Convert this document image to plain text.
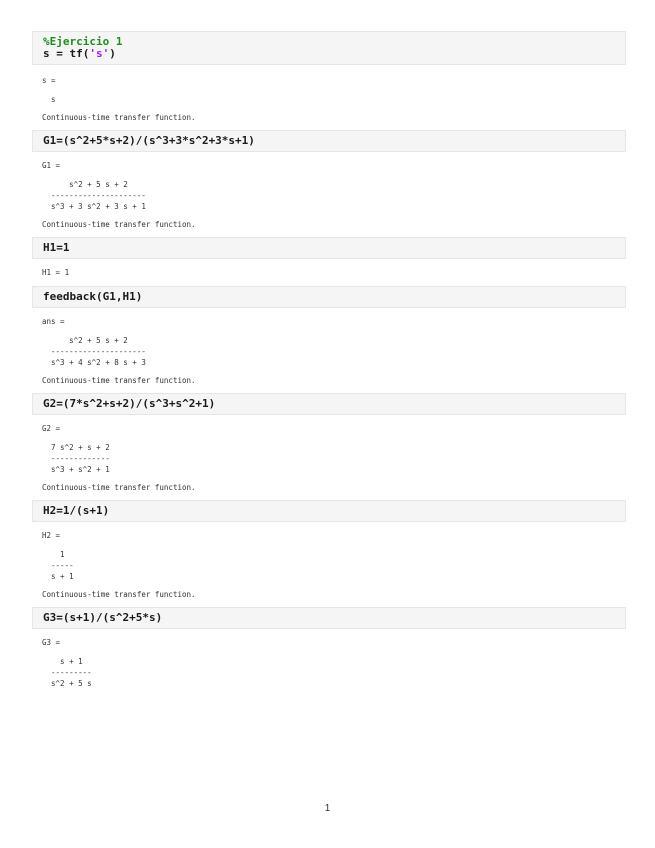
%Ejercicio 1
s = tf('s')
s =
s
Continuous-time transfer function.
G1=(s^2+5*s+2)/(s^3+3*s^2+3*s+1)
G1 =
s^2 + 5 s + 2
---------------------
s^3 + 3 s^2 + 3 s + 1
Continuous-time transfer function.
H1=1
H1 = 1
feedback(G1,H1)
ans =
s^2 + 5 s + 2
---------------------
s^3 + 4 s^2 + 8 s + 3
Continuous-time transfer function.
G2=(7*s^2+s+2)/(s^3+s^2+1)
G2 =
7 s^2 + s + 2
-------------
s^3 + s^2 + 1
Continuous-time transfer function.
H2=1/(s+1)
H2 =
1
-----
s + 1
Continuous-time transfer function.
G3=(s+1)/(s^2+5*s)
G3 =
s + 1
---------
s^2 + 5 s
1
